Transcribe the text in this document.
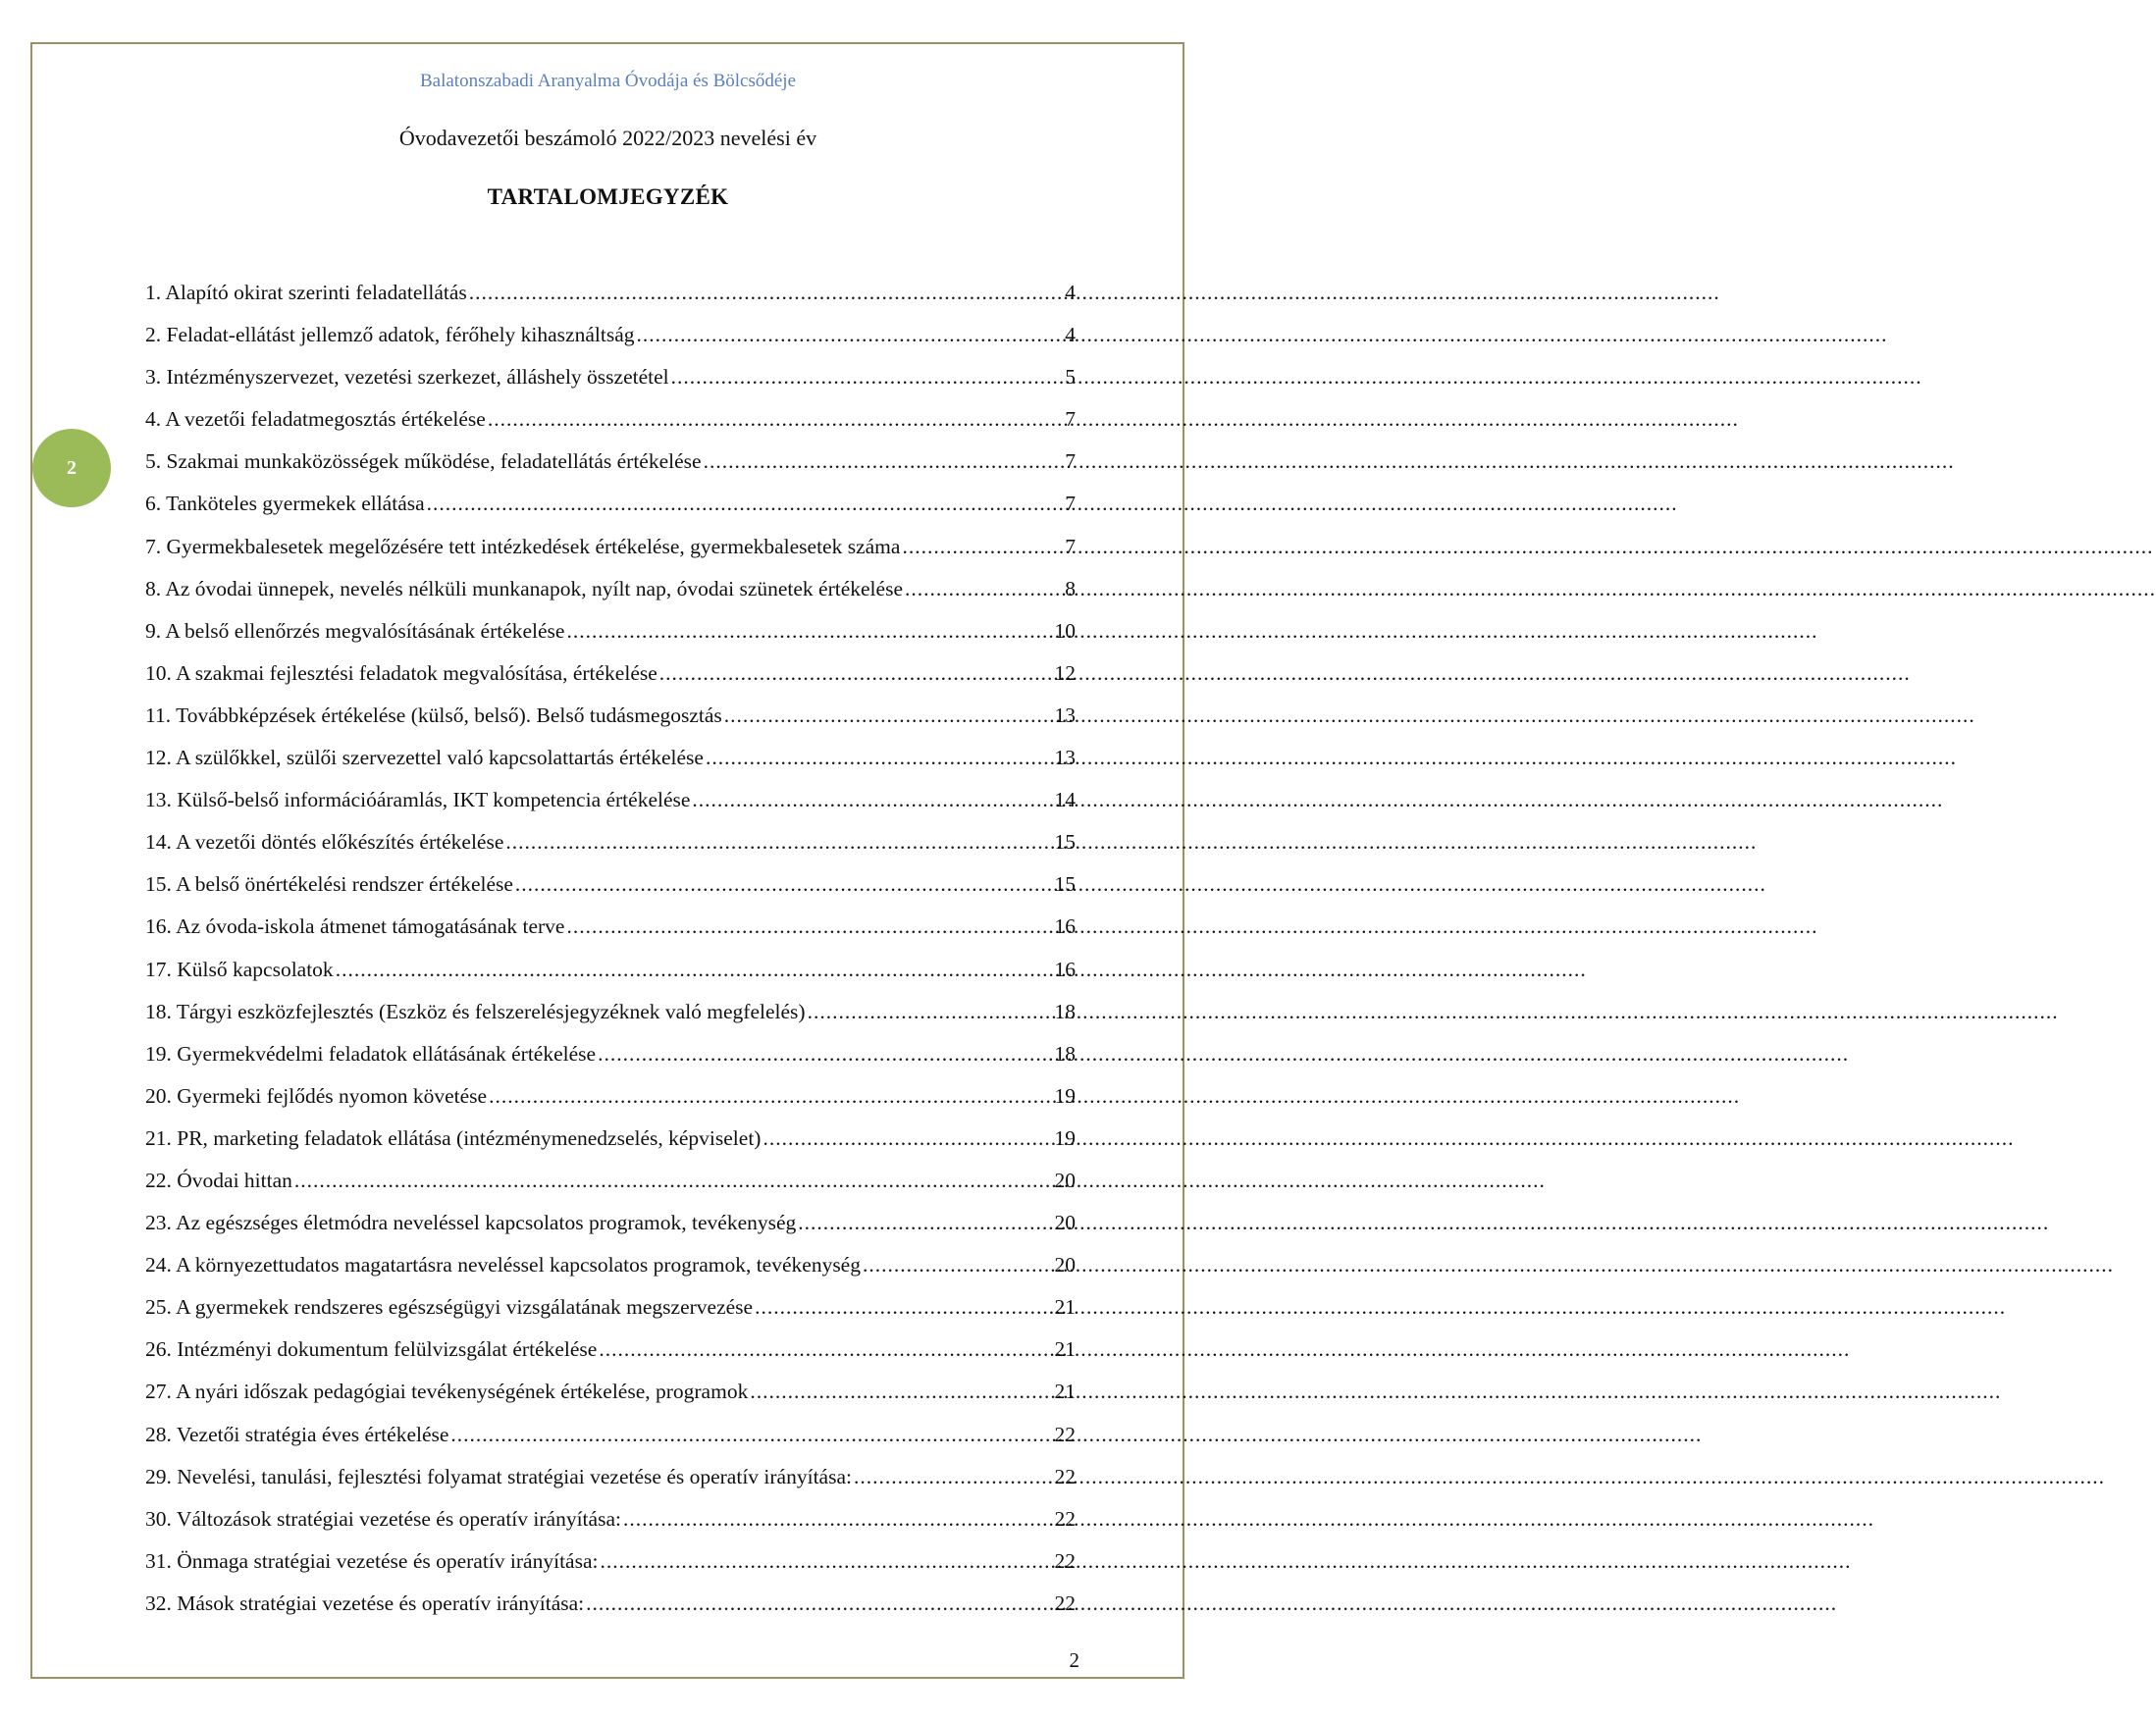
Balatonszabadi Aranyalma Óvodája és Bölcsődéje
Óvodavezetői beszámoló 2022/2023 nevelési év
TARTALOMJEGYZÉK
2
1. Alapító okirat szerinti feladatellátás .....	4
2. Feladat-ellátást jellemző adatok, férőhely kihasználtság .....	4
3. Intézményszervezet, vezetési szerkezet, álláshely összetétel .....	5
4. A vezetői feladatmegosztás értékelése .....	7
5. Szakmai munkaközösségek működése, feladatellátás értékelése .....	7
6. Tanköteles gyermekek ellátása .....	7
7. Gyermekbalesetek megelőzésére tett intézkedések értékelése, gyermekbalesetek száma .....	7
8. Az óvodai ünnepek, nevelés nélküli munkanapok, nyílt nap, óvodai szünetek értékelése .....	8
9. A belső ellenőrzés megvalósításának értékelése .....	10
10. A szakmai fejlesztési feladatok megvalósítása, értékelése .....	12
11. Továbbképzések értékelése (külső, belső). Belső tudásmegosztás .....	13
12. A szülőkkel, szülői szervezettel való kapcsolattartás értékelése .....	13
13. Külső-belső információáramlás, IKT kompetencia értékelése .....	14
14. A vezetői döntés előkészítés értékelése .....	15
15. A belső önértékelési rendszer értékelése .....	15
16. Az óvoda-iskola átmenet támogatásának terve .....	16
17. Külső kapcsolatok .....	16
18. Tárgyi eszközfejlesztés (Eszköz és felszerelésjegyzéknek való megfelelés) .....	18
19. Gyermekvédelmi feladatok ellátásának értékelése .....	18
20. Gyermeki fejlődés nyomon követése .....	19
21. PR, marketing feladatok ellátása (intézménymenedzselés, képviselet) .....	19
22. Óvodai hittan .....	20
23. Az egészséges életmódra neveléssel kapcsolatos programok, tevékenység .....	20
24. A környezettudatos magatartásra neveléssel kapcsolatos programok, tevékenység .....	20
25. A gyermekek rendszeres egészségügyi vizsgálatának megszervezése .....	21
26. Intézményi dokumentum felülvizsgálat értékelése .....	21
27. A nyári időszak pedagógiai tevékenységének értékelése, programok .....	21
28. Vezetői stratégia éves értékelése .....	22
29. Nevelési, tanulási, fejlesztési folyamat stratégiai vezetése és operatív irányítása: .....	22
30. Változások stratégiai vezetése és operatív irányítása: .....	22
31. Önmaga stratégiai vezetése és operatív irányítása: .....	22
32. Mások stratégiai vezetése és operatív irányítása: .....	22
2
